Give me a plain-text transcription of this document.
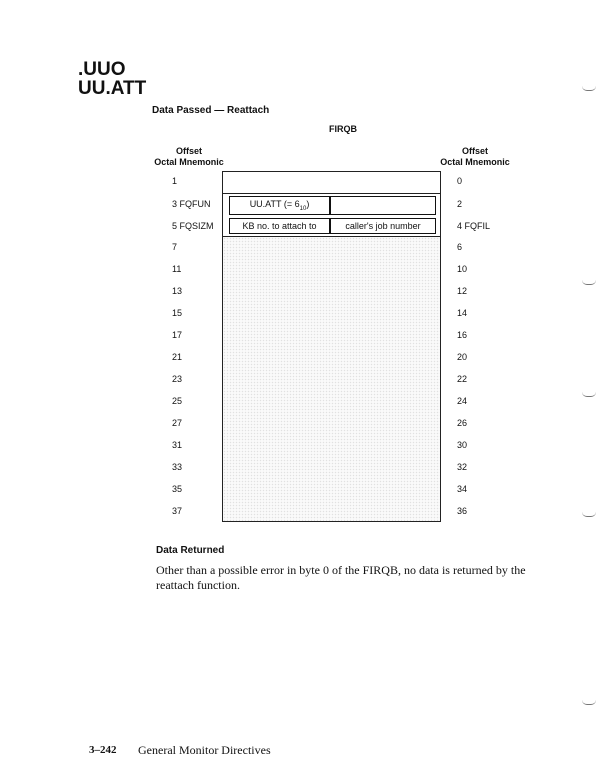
.UUO
UU.ATT
Data Passed — Reattach
FIRQB
Offset
Octal Mnemonic
Offset
Octal Mnemonic
UU.ATT (= $6_{10}$)
KB no. to attach to	caller's job number
1
3 FQFUN
5 FQSIZM
7
11
13
15
17
21
23
25
27
31
33
35
37
0
2
4 FQFIL
6
10
12
14
16
20
22
24
26
30
32
34
36
Data Returned
Other than a possible error in byte 0 of the FIRQB, no data is returned by the reattach function.
3–242 General Monitor Directives
